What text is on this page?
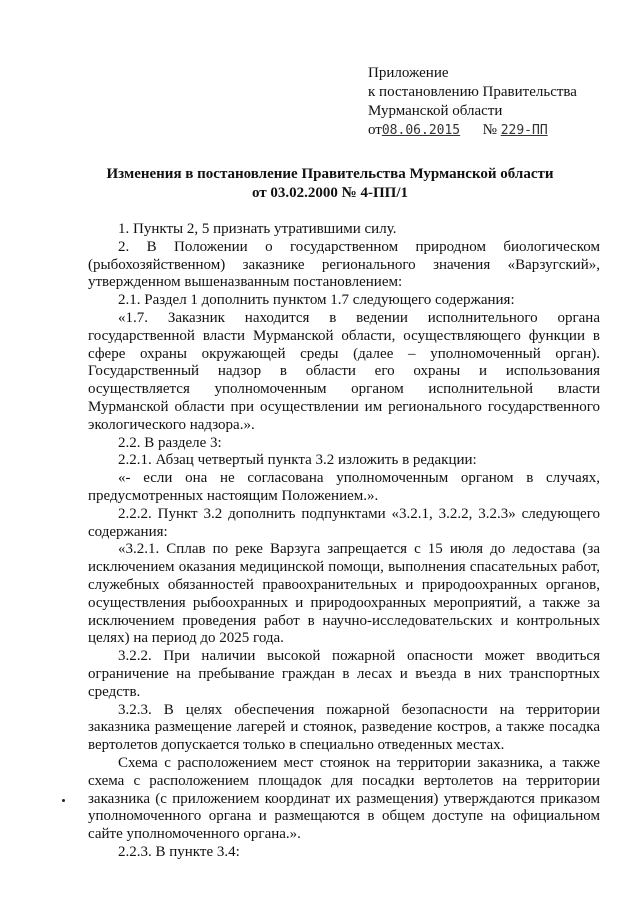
Приложение
к постановлению Правительства
Мурманской области
от08.06.2015 № 229-ПП
Изменения в постановление Правительства Мурманской области
от 03.02.2000 № 4-ПП/1

1. Пункты 2, 5 признать утратившими силу.

2. В Положении о государственном природном биологическом (рыбохозяйственном) заказнике регионального значения «Варзугский», утвержденном вышеназванным постановлением:

2.1. Раздел 1 дополнить пунктом 1.7 следующего содержания:

«1.7. Заказник находится в ведении исполнительного органа государственной власти Мурманской области, осуществляющего функции в сфере охраны окружающей среды (далее – уполномоченный орган). Государственный надзор в области его охраны и использования осуществляется уполномоченным органом исполнительной власти Мурманской области при осуществлении им регионального государственного экологического надзора.».

2.2. В разделе 3:

2.2.1. Абзац четвертый пункта 3.2 изложить в редакции:

«- если она не согласована уполномоченным органом в случаях, предусмотренных настоящим Положением.».

2.2.2. Пункт 3.2 дополнить подпунктами «3.2.1, 3.2.2, 3.2.3» следующего содержания:

«3.2.1. Сплав по реке Варзуга запрещается с 15 июля до ледостава (за исключением оказания медицинской помощи, выполнения спасательных работ, служебных обязанностей правоохранительных и природоохранных органов, осуществления рыбоохранных и природоохранных мероприятий, а также за исключением проведения работ в научно-исследовательских и контрольных целях) на период до 2025 года.

3.2.2. При наличии высокой пожарной опасности может вводиться ограничение на пребывание граждан в лесах и въезда в них транспортных средств.

3.2.3. В целях обеспечения пожарной безопасности на территории заказника размещение лагерей и стоянок, разведение костров, а также посадка вертолетов допускается только в специально отведенных местах.

Схема с расположением мест стоянок на территории заказника, а также схема с расположением площадок для посадки вертолетов на территории заказника (с приложением координат их размещения) утверждаются приказом уполномоченного органа и размещаются в общем доступе на официальном сайте уполномоченного органа.».

2.2.3. В пункте 3.4:
